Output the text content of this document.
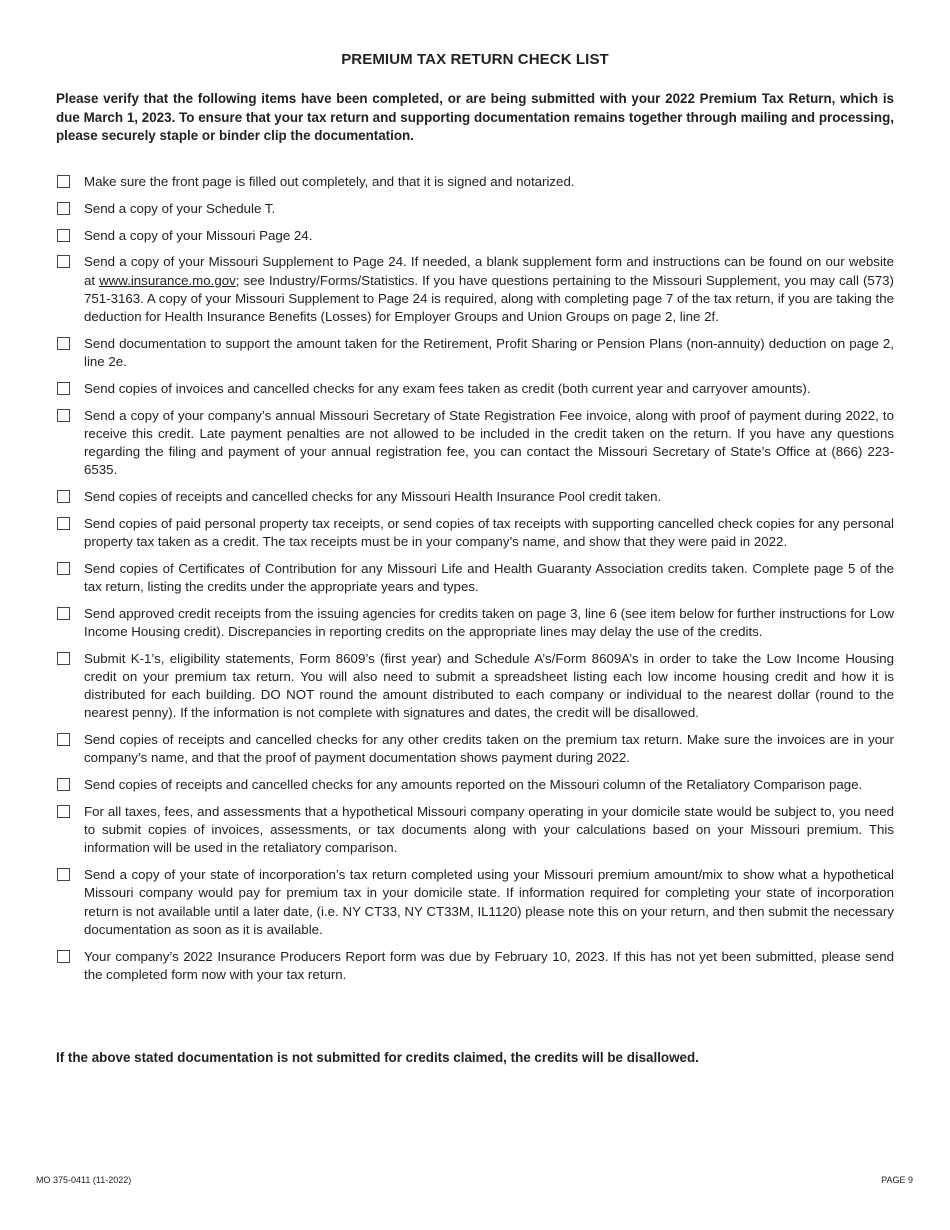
PREMIUM TAX RETURN CHECK LIST
Please verify that the following items have been completed, or are being submitted with your 2022 Premium Tax Return, which is due March 1, 2023. To ensure that your tax return and supporting documentation remains together through mailing and processing, please securely staple or binder clip the documentation.
Make sure the front page is filled out completely, and that it is signed and notarized.
Send a copy of your Schedule T.
Send a copy of your Missouri Page 24.
Send a copy of your Missouri Supplement to Page 24. If needed, a blank supplement form and instructions can be found on our website at www.insurance.mo.gov; see Industry/Forms/Statistics. If you have questions pertaining to the Missouri Supplement, you may call (573) 751-3163. A copy of your Missouri Supplement to Page 24 is required, along with completing page 7 of the tax return, if you are taking the deduction for Health Insurance Benefits (Losses) for Employer Groups and Union Groups on page 2, line 2f.
Send documentation to support the amount taken for the Retirement, Profit Sharing or Pension Plans (non-annuity) deduction on page 2, line 2e.
Send copies of invoices and cancelled checks for any exam fees taken as credit (both current year and carryover amounts).
Send a copy of your company’s annual Missouri Secretary of State Registration Fee invoice, along with proof of payment during 2022, to receive this credit. Late payment penalties are not allowed to be included in the credit taken on the return. If you have any questions regarding the filing and payment of your annual registration fee, you can contact the Missouri Secretary of State’s Office at (866) 223-6535.
Send copies of receipts and cancelled checks for any Missouri Health Insurance Pool credit taken.
Send copies of paid personal property tax receipts, or send copies of tax receipts with supporting cancelled check copies for any personal property tax taken as a credit. The tax receipts must be in your company’s name, and show that they were paid in 2022.
Send copies of Certificates of Contribution for any Missouri Life and Health Guaranty Association credits taken. Complete page 5 of the tax return, listing the credits under the appropriate years and types.
Send approved credit receipts from the issuing agencies for credits taken on page 3, line 6 (see item below for further instructions for Low Income Housing credit). Discrepancies in reporting credits on the appropriate lines may delay the use of the credits.
Submit K-1’s, eligibility statements, Form 8609’s (first year) and Schedule A’s/Form 8609A’s in order to take the Low Income Housing credit on your premium tax return. You will also need to submit a spreadsheet listing each low income housing credit and how it is distributed for each building. DO NOT round the amount distributed to each company or individual to the nearest dollar (round to the nearest penny). If the information is not complete with signatures and dates, the credit will be disallowed.
Send copies of receipts and cancelled checks for any other credits taken on the premium tax return. Make sure the invoices are in your company’s name, and that the proof of payment documentation shows payment during 2022.
Send copies of receipts and cancelled checks for any amounts reported on the Missouri column of the Retaliatory Comparison page.
For all taxes, fees, and assessments that a hypothetical Missouri company operating in your domicile state would be subject to, you need to submit copies of invoices, assessments, or tax documents along with your calculations based on your Missouri premium. This information will be used in the retaliatory comparison.
Send a copy of your state of incorporation’s tax return completed using your Missouri premium amount/mix to show what a hypothetical Missouri company would pay for premium tax in your domicile state. If information required for completing your state of incorporation return is not available until a later date, (i.e. NY CT33, NY CT33M, IL1120) please note this on your return, and then submit the necessary documentation as soon as it is available.
Your company’s 2022 Insurance Producers Report form was due by February 10, 2023. If this has not yet been submitted, please send the completed form now with your tax return.
If the above stated documentation is not submitted for credits claimed, the credits will be disallowed.
MO 375-0411 (11-2022)	PAGE 9
